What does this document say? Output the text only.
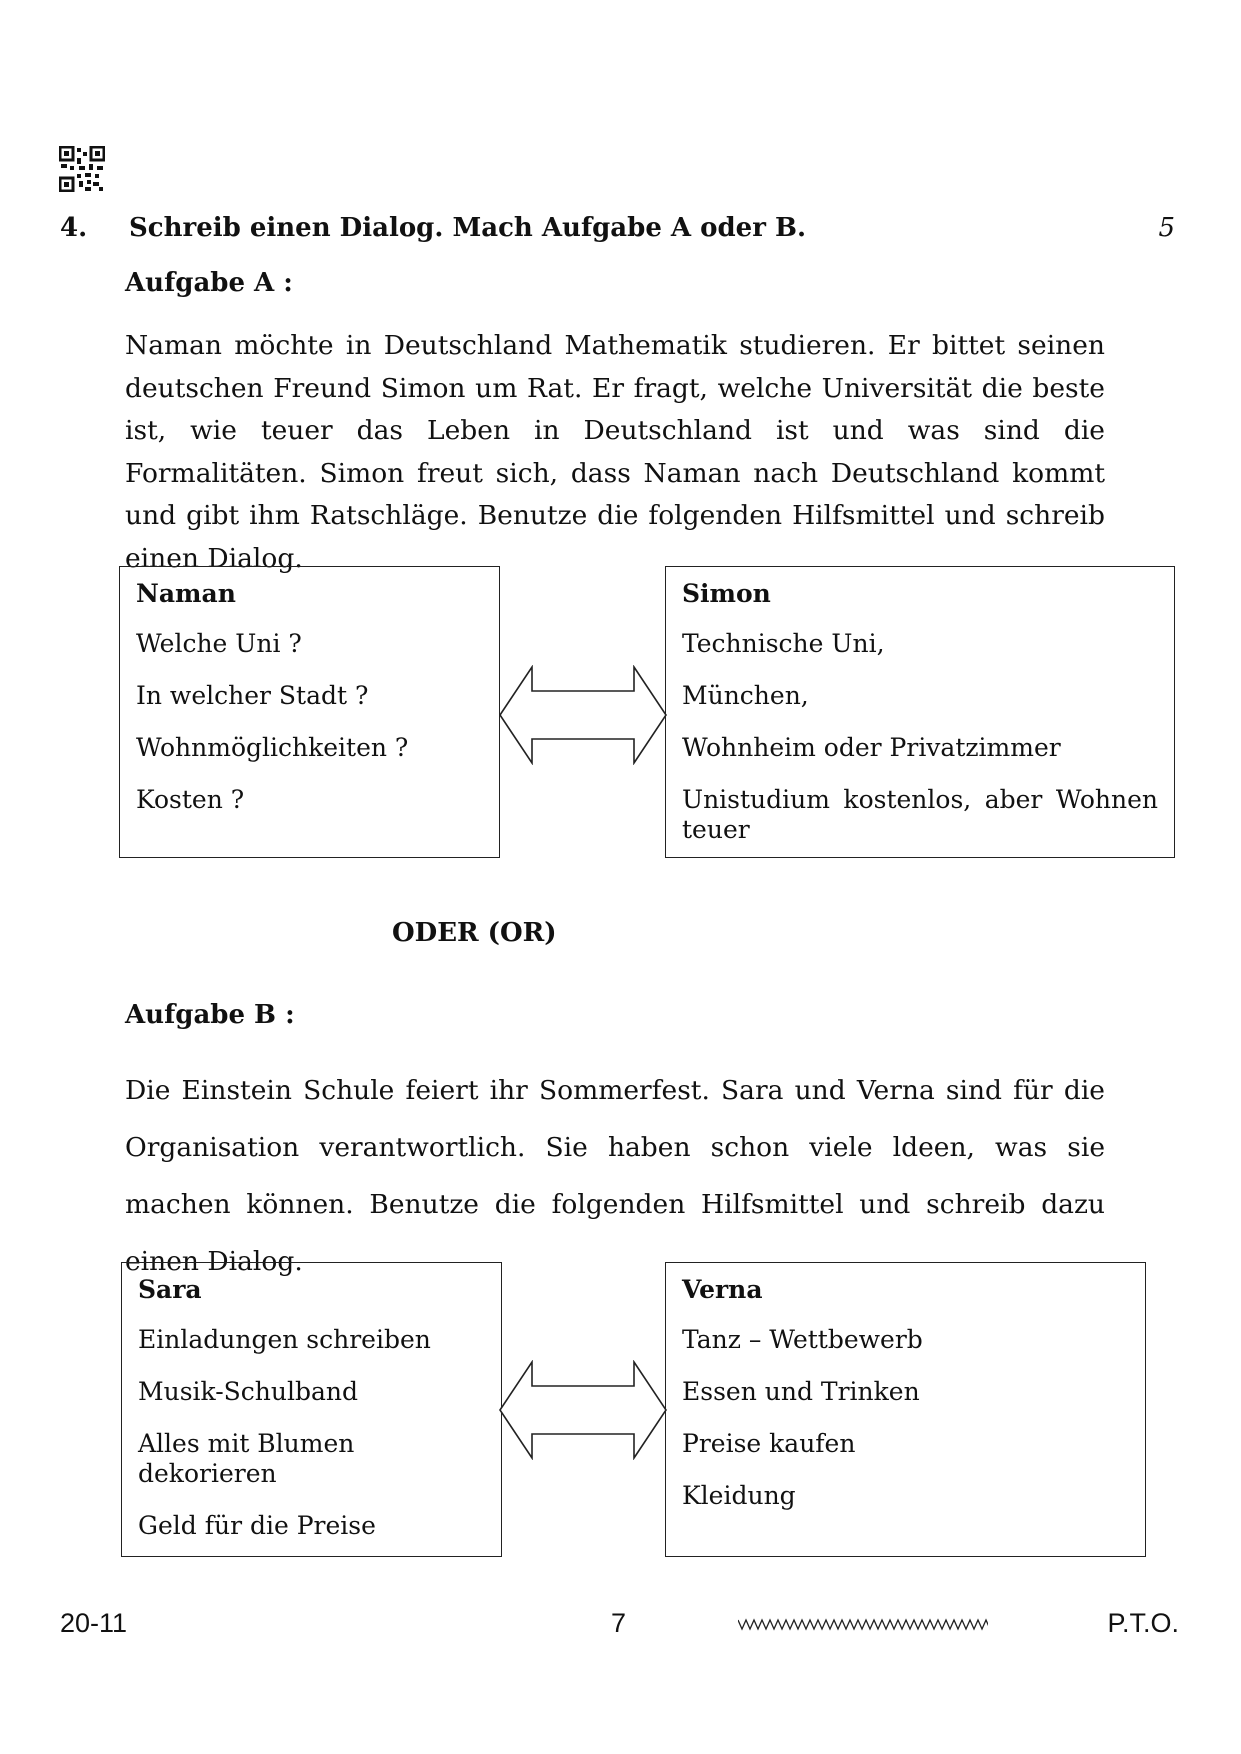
4. Schreib einen Dialog. Mach Aufgabe A oder B.	5
Aufgabe A :
Naman möchte in Deutschland Mathematik studieren. Er bittet seinen deutschen Freund Simon um Rat. Er fragt, welche Universität die beste ist, wie teuer das Leben in Deutschland ist und was sind die Formalitäten. Simon freut sich, dass Naman nach Deutschland kommt und gibt ihm Ratschläge. Benutze die folgenden Hilfsmittel und schreib einen Dialog.
Naman
Welche Uni ?
In welcher Stadt ?
Wohnmöglichkeiten ?
Kosten ?
Simon
Technische Uni,
München,
Wohnheim oder Privatzimmer
Unistudium kostenlos, aber Wohnen teuer
ODER (OR)
Aufgabe B :
Die Einstein Schule feiert ihr Sommerfest. Sara und Verna sind für die Organisation verantwortlich. Sie haben schon viele ldeen, was sie machen können. Benutze die folgenden Hilfsmittel und schreib dazu einen Dialog.
Sara
Einladungen schreiben
Musik-Schulband
Alles mit Blumen dekorieren
Geld für die Preise
Verna
Tanz – Wettbewerb
Essen und Trinken
Preise kaufen
Kleidung
20-11	7	P.T.O.
